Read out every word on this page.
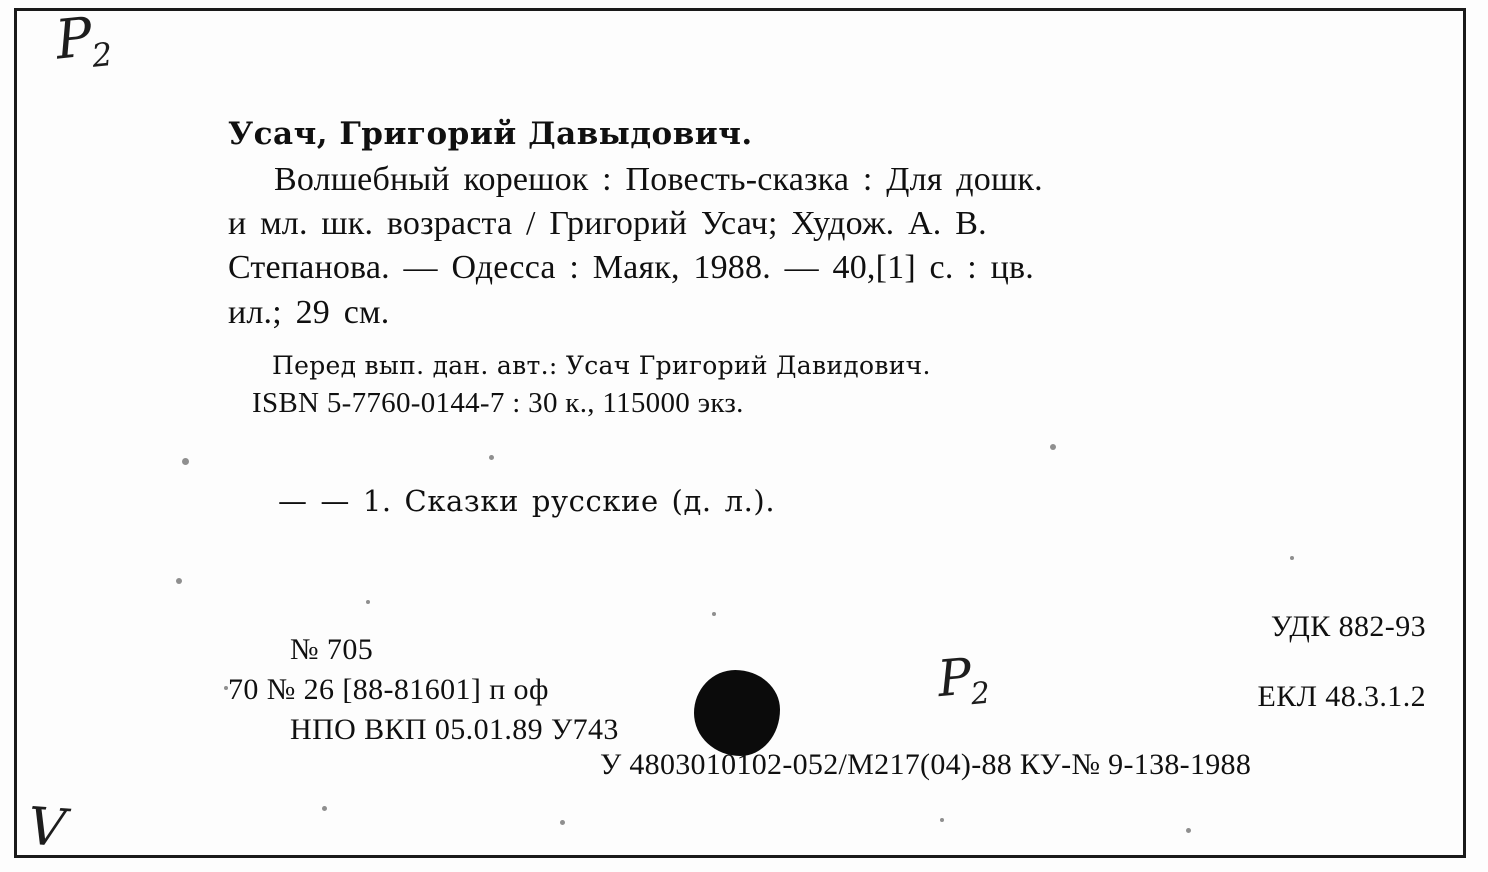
$P_2$
$P_2$
V
Усач, Григорий Давыдович.
Волшебный корешок : Повесть-сказка : Для дошк.
и мл. шк. возраста / Григорий Усач; Худож. А. В.
Степанова. — Одесса : Маяк, 1988. — 40,[1] с. : цв.
ил.; 29 см.
Перед вып. дан. авт.: Усач Григорий Давидович.
ISBN 5-7760-0144-7 : 30 к., 115000 экз.
— — 1. Сказки русские (д. л.).
№ 705
70 № 26 [88-81601] п оф
НПО ВКП 05.01.89 У743
УДК 882-93
ЕКЛ 48.3.1.2
У 4803010102-052/М217(04)-88 КУ-№ 9-138-1988
